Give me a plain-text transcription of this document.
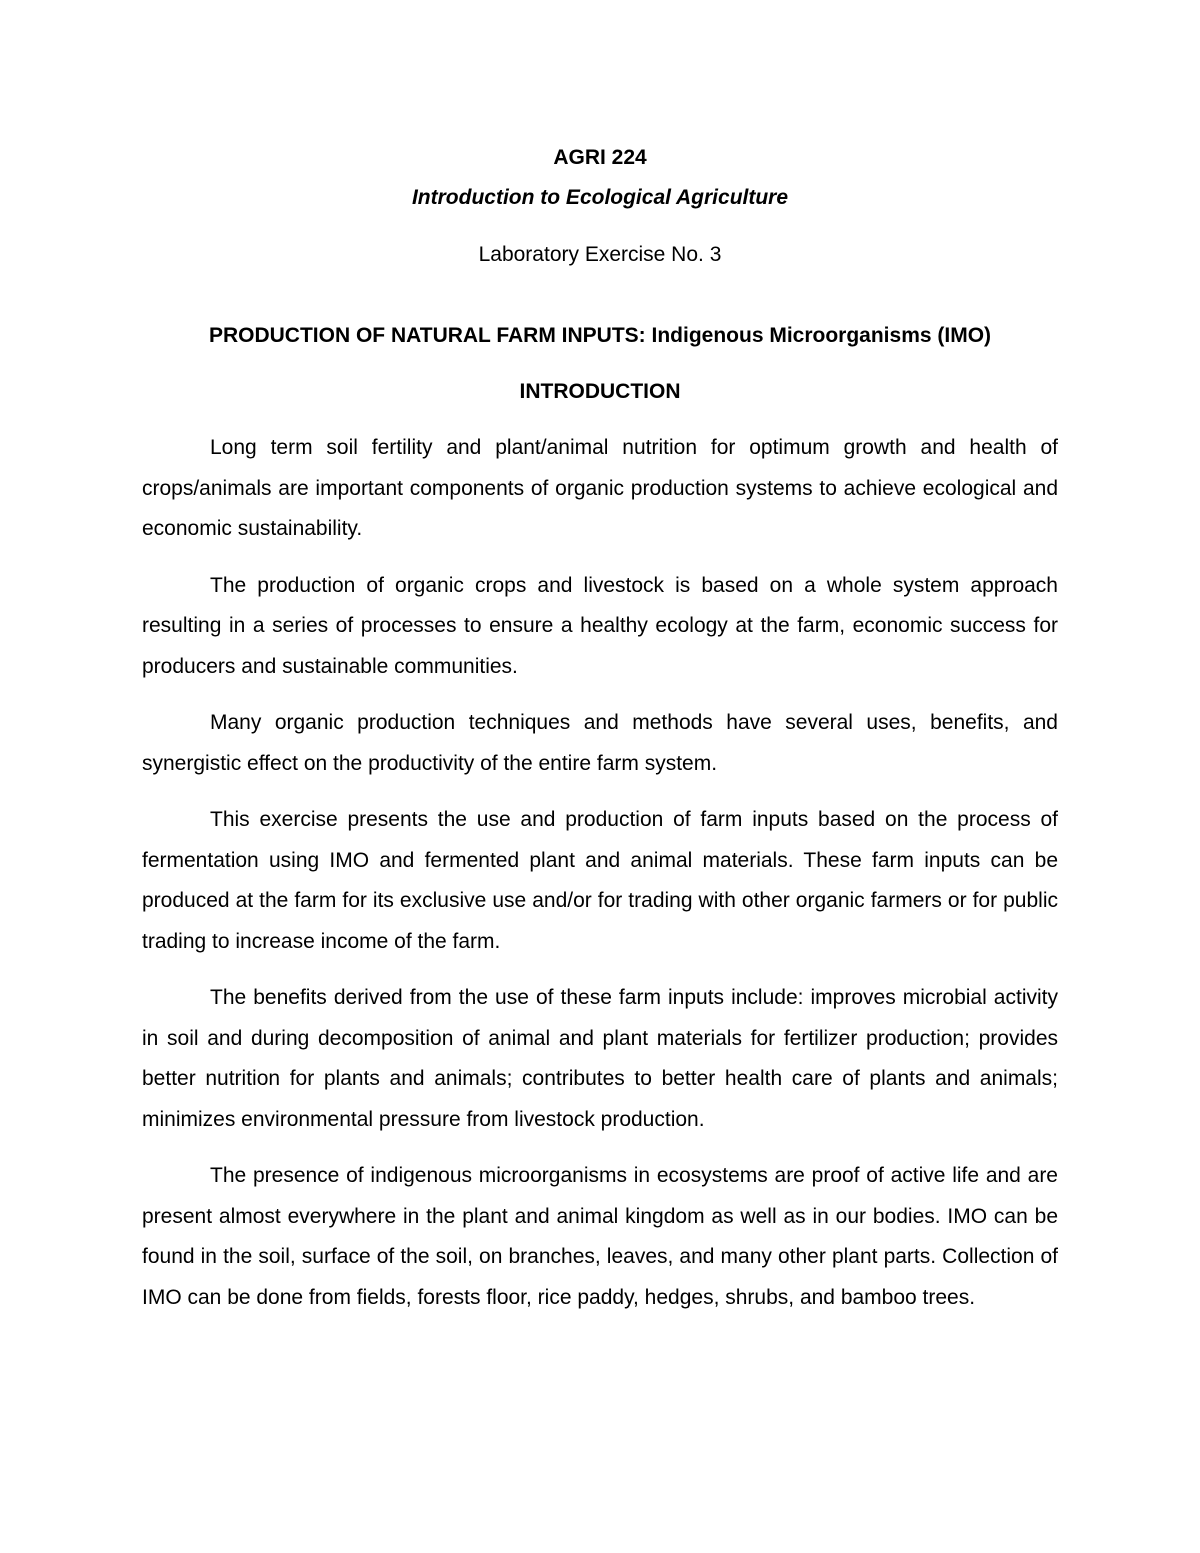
AGRI 224

Introduction to Ecological Agriculture

Laboratory Exercise No. 3

PRODUCTION OF NATURAL FARM INPUTS: Indigenous Microorganisms (IMO)

INTRODUCTION

Long term soil fertility and plant/animal nutrition for optimum growth and health of crops/animals are important components of organic production systems to achieve ecological and economic sustainability.

The production of organic crops and livestock is based on a whole system approach resulting in a series of processes to ensure a healthy ecology at the farm, economic success for producers and sustainable communities.

Many organic production techniques and methods have several uses, benefits, and synergistic effect on the productivity of the entire farm system.

This exercise presents the use and production of farm inputs based on the process of fermentation using IMO and fermented plant and animal materials. These farm inputs can be produced at the farm for its exclusive use and/or for trading with other organic farmers or for public trading to increase income of the farm.

The benefits derived from the use of these farm inputs include: improves microbial activity in soil and during decomposition of animal and plant materials for fertilizer production; provides better nutrition for plants and animals; contributes to better health care of plants and animals; minimizes environmental pressure from livestock production.

The presence of indigenous microorganisms in ecosystems are proof of active life and are present almost everywhere in the plant and animal kingdom as well as in our bodies. IMO can be found in the soil, surface of the soil, on branches, leaves, and many other plant parts. Collection of IMO can be done from fields, forests floor, rice paddy, hedges, shrubs, and bamboo trees.
